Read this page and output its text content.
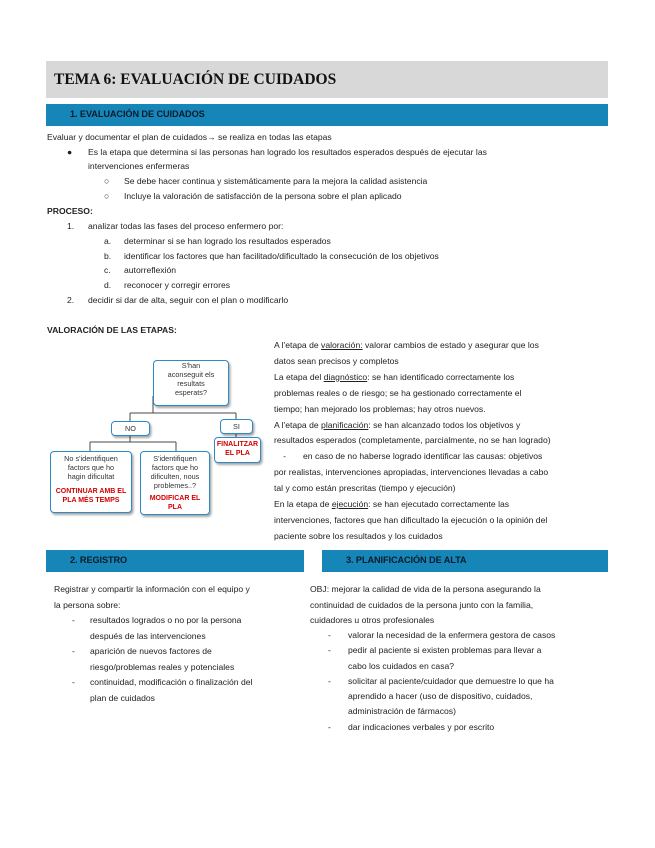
TEMA 6: EVALUACIÓN DE CUIDADOS
1. EVALUACIÓN DE CUIDADOS
Evaluar y documentar el plan de cuidados→ se realiza en todas las etapas
● Es la etapa que determina si las personas han logrado los resultados esperados después de ejecutar las
intervenciones enfermeras
○ Se debe hacer continua y sistemáticamente para la mejora la calidad asistencia
○ Incluye la valoración de satisfacción de la persona sobre el plan aplicado
PROCESO:
1. analizar todas las fases del proceso enfermero por:
a. determinar si se han logrado los resultados esperados
b. identificar los factores que han facilitado/dificultado la consecución de los objetivos
c. autorreflexión
d. reconocer y corregir errores
2. decidir si dar de alta, seguir con el plan o modificarlo
VALORACIÓN DE LAS ETAPAS:
A l'etapa de valoración: valorar cambios de estado y asegurar que los
datos sean precisos y completos
La etapa del diagnóstico: se han identificado correctamente los
problemas reales o de riesgo; se ha gestionado correctamente el
tiempo; han mejorado los problemas; hay otros nuevos.
A l'etapa de planificación: se han alcanzado todos los objetivos y
resultados esperados (completamente, parcialmente, no se han logrado)
- en caso de no haberse logrado identificar las causas: objetivos
por realistas, intervenciones apropiadas, intervenciones llevadas a cabo
tal y como están prescritas (tiempo y ejecución)
En la etapa de ejecución: se han ejecutado correctamente las
intervenciones, factores que han dificultado la ejecución o la opinión del
paciente sobre los resultados y los cuidados
S'han
aconseguit els
resultats
esperats?
NO	SI
FINALITZAR
EL PLA
No s'identifiquen
factors que ho
hagin dificultat
CONTINUAR AMB EL
PLA MÉS TEMPS
S'identifiquen
factors que ho
dificulten, nous
problemes..?
MODIFICAR EL
PLA
2. REGISTRO	3. PLANIFICACIÓN DE ALTA
Registrar y compartir la información con el equipo y
la persona sobre:
- resultados logrados o no por la persona
después de las intervenciones
- aparición de nuevos factores de
riesgo/problemas reales y potenciales
- continuidad, modificación o finalización del
plan de cuidados
OBJ: mejorar la calidad de vida de la persona asegurando la
continuidad de cuidados de la persona junto con la familia,
cuidadores u otros profesionales
- valorar la necesidad de la enfermera gestora de casos
- pedir al paciente si existen problemas para llevar a
cabo los cuidados en casa?
- solicitar al paciente/cuidador que demuestre lo que ha
aprendido a hacer (uso de dispositivo, cuidados,
administración de fármacos)
- dar indicaciones verbales y por escrito
